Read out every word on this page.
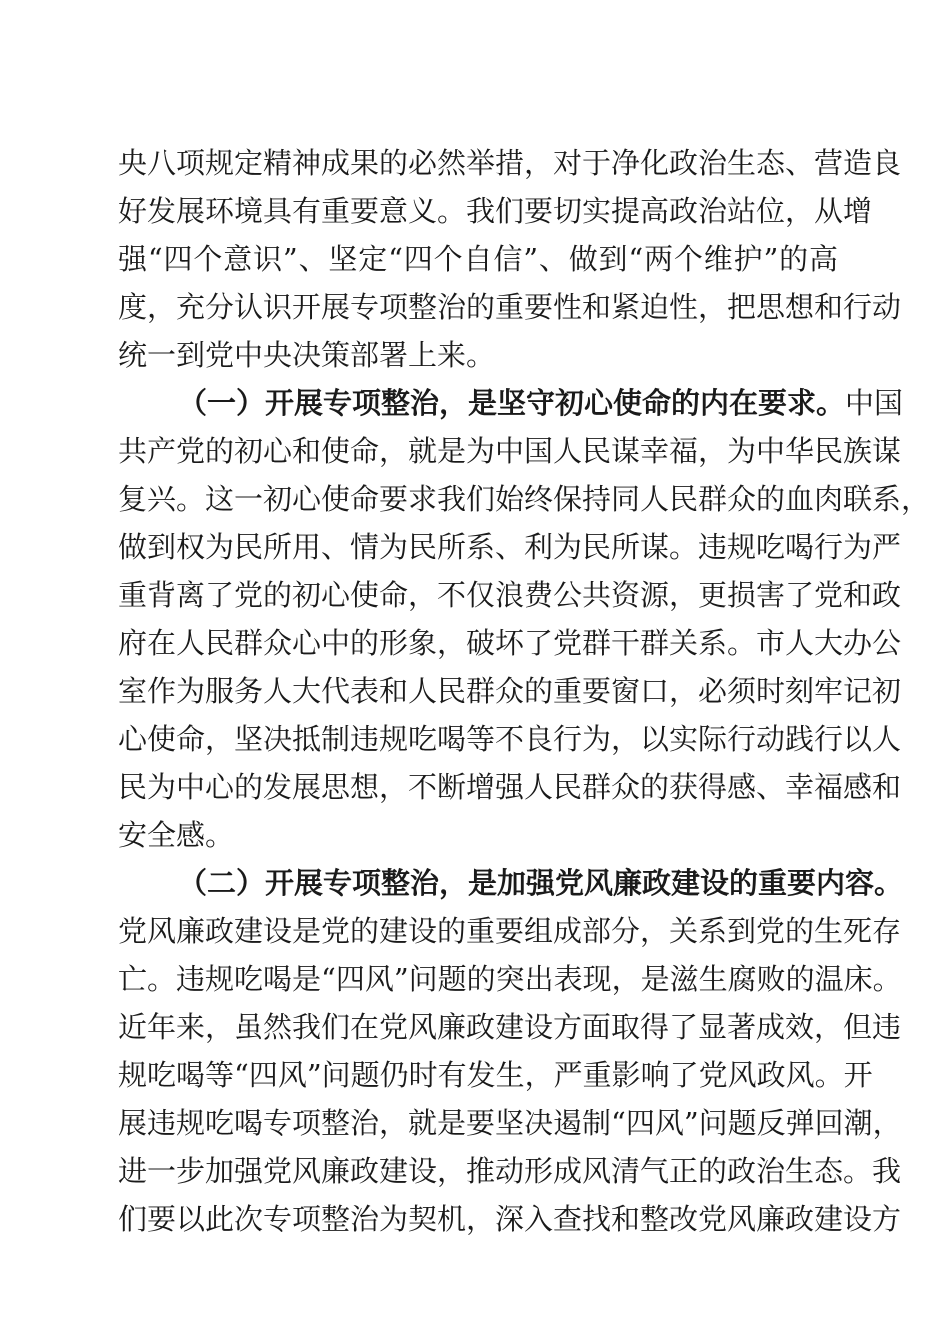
央八项规定精神成果的必然举措，对于净化政治生态、营造良
好发展环境具有重要意义。我们要切实提高政治站位，从增
强“四个意识”、坚定“四个自信”、做到“两个维护”的高
度，充分认识开展专项整治的重要性和紧迫性，把思想和行动
统一到党中央决策部署上来。
（一）开展专项整治，是坚守初心使命的内在要求。中国
共产党的初心和使命，就是为中国人民谋幸福，为中华民族谋
复兴。这一初心使命要求我们始终保持同人民群众的血肉联系，
做到权为民所用、情为民所系、利为民所谋。违规吃喝行为严
重背离了党的初心使命，不仅浪费公共资源，更损害了党和政
府在人民群众心中的形象，破坏了党群干群关系。市人大办公
室作为服务人大代表和人民群众的重要窗口，必须时刻牢记初
心使命，坚决抵制违规吃喝等不良行为，以实际行动践行以人
民为中心的发展思想，不断增强人民群众的获得感、幸福感和
安全感。
（二）开展专项整治，是加强党风廉政建设的重要内容。
党风廉政建设是党的建设的重要组成部分，关系到党的生死存
亡。违规吃喝是“四风”问题的突出表现，是滋生腐败的温床。
近年来，虽然我们在党风廉政建设方面取得了显著成效，但违
规吃喝等“四风”问题仍时有发生，严重影响了党风政风。开
展违规吃喝专项整治，就是要坚决遏制“四风”问题反弹回潮，
进一步加强党风廉政建设，推动形成风清气正的政治生态。我
们要以此次专项整治为契机，深入查找和整改党风廉政建设方
